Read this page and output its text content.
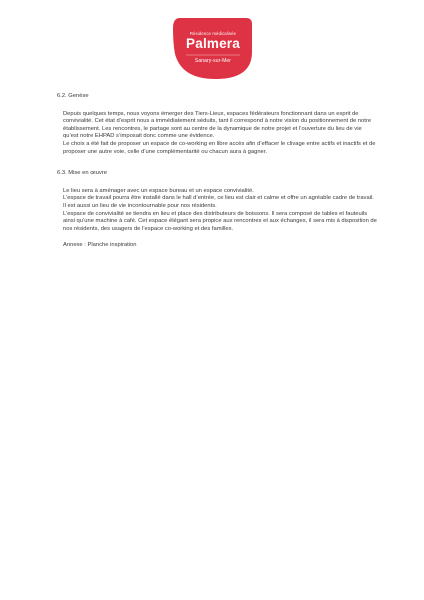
Résidence médicalisée
Palmera
Sanary-sur-Mer
6.2. Genèse

Depuis quelques temps, nous voyons émerger des Tiers-Lieux, espaces fédérateurs fonctionnant dans un esprit de convivialité. Cet état d’esprit nous a immédiatement séduits, tant il correspond à notre vision du positionnement de notre établissement. Les rencontres, le partage sont au centre de la dynamique de notre projet et l’ouverture du lieu de vie qu’est notre EHPAD s’imposait donc comme une évidence.

Le choix a été fait de proposer un espace de co-working en libre accès afin d’effacer le clivage entre actifs et inactifs et de proposer une autre voie, celle d’une complémentarité ou chacun aura à gagner.

6.3. Mise en œuvre

Le lieu sera à aménager avec un espace bureau et un espace convivialité.

L’espace de travail pourra être installé dans le hall d’entrée, ce lieu est clair et calme et offre un agréable cadre de travail. Il est aussi un lieu de vie incontournable pour nos résidents.

L’espace de convivialité se tiendra en lieu et place des distributeurs de boissons. Il sera composé de tables et fauteuils ainsi qu’une machine à café. Cet espace élégant sera propice aux rencontres et aux échanges, il sera mis à disposition de nos résidents, des usagers de l’espace co-working et des familles.

Annexe : Planche inspiration
